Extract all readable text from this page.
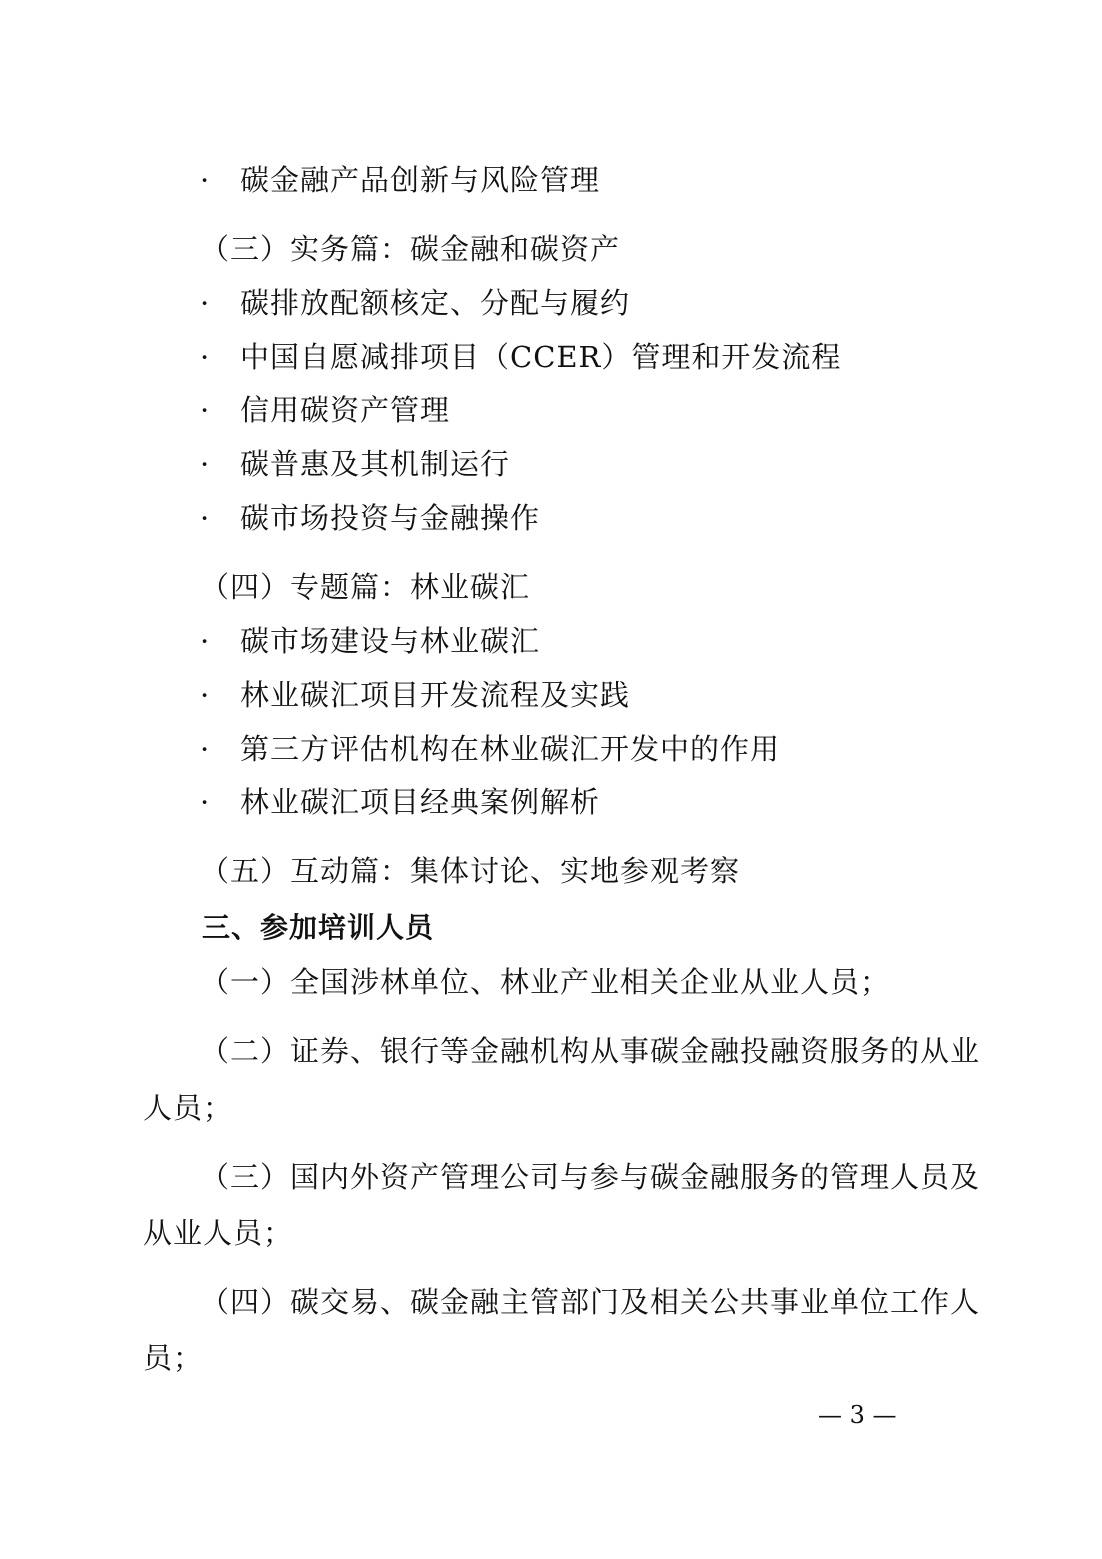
· 碳金融产品创新与风险管理
（三）实务篇：碳金融和碳资产
· 碳排放配额核定、分配与履约
· 中国自愿减排项目（CCER）管理和开发流程
· 信用碳资产管理
· 碳普惠及其机制运行
· 碳市场投资与金融操作
（四）专题篇：林业碳汇
· 碳市场建设与林业碳汇
· 林业碳汇项目开发流程及实践
· 第三方评估机构在林业碳汇开发中的作用
· 林业碳汇项目经典案例解析
（五）互动篇：集体讨论、实地参观考察
三、参加培训人员
（一）全国涉林单位、林业产业相关企业从业人员；
（二）证券、银行等金融机构从事碳金融投融资服务的从业
人员；
（三）国内外资产管理公司与参与碳金融服务的管理人员及
从业人员；
（四）碳交易、碳金融主管部门及相关公共事业单位工作人
员；
— 3 —
